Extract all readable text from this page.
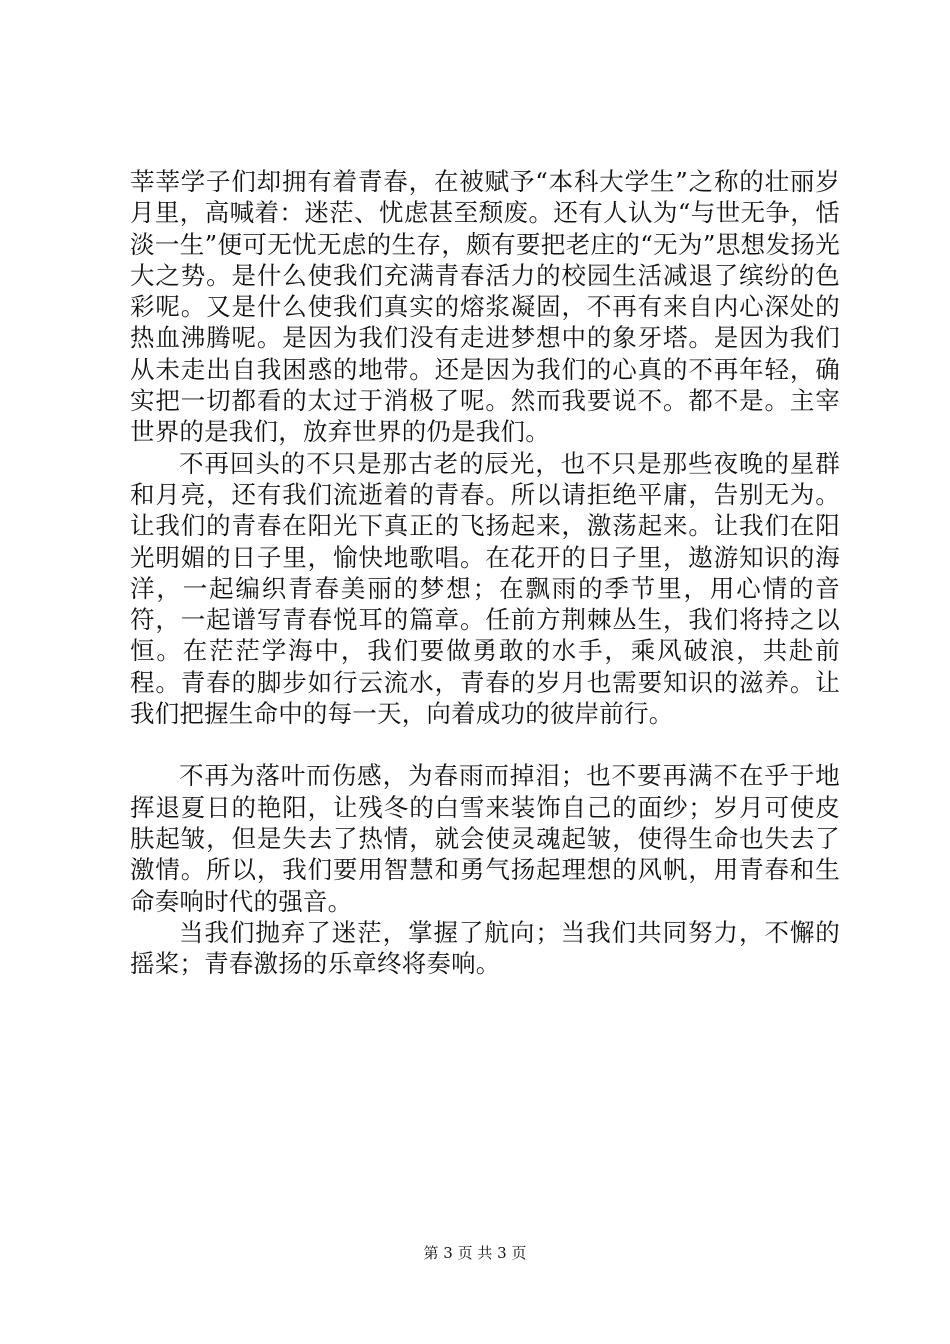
莘莘学子们却拥有着青春，在被赋予“本科大学生”之称的壮丽岁月里，高喊着：迷茫、忧虑甚至颓废。还有人认为“与世无争，恬淡一生”便可无忧无虑的生存，颇有要把老庄的“无为”思想发扬光大之势。是什么使我们充满青春活力的校园生活减退了缤纷的色彩呢。又是什么使我们真实的熔浆凝固，不再有来自内心深处的热血沸腾呢。是因为我们没有走进梦想中的象牙塔。是因为我们从未走出自我困惑的地带。还是因为我们的心真的不再年轻，确实把一切都看的太过于消极了呢。然而我要说不。都不是。主宰世界的是我们，放弃世界的仍是我们。

不再回头的不只是那古老的辰光，也不只是那些夜晚的星群和月亮，还有我们流逝着的青春。所以请拒绝平庸，告别无为。让我们的青春在阳光下真正的飞扬起来，激荡起来。让我们在阳光明媚的日子里，愉快地歌唱。在花开的日子里，遨游知识的海洋，一起编织青春美丽的梦想；在飘雨的季节里，用心情的音符，一起谱写青春悦耳的篇章。任前方荆棘丛生，我们将持之以恒。在茫茫学海中，我们要做勇敢的水手，乘风破浪，共赴前程。青春的脚步如行云流水，青春的岁月也需要知识的滋养。让我们把握生命中的每一天，向着成功的彼岸前行。

不再为落叶而伤感，为春雨而掉泪；也不要再满不在乎于地挥退夏日的艳阳，让残冬的白雪来装饰自己的面纱；岁月可使皮肤起皱，但是失去了热情，就会使灵魂起皱，使得生命也失去了激情。所以，我们要用智慧和勇气扬起理想的风帆，用青春和生命奏响时代的强音。

当我们抛弃了迷茫，掌握了航向；当我们共同努力，不懈的摇桨；青春激扬的乐章终将奏响。

第 3 页 共 3 页
